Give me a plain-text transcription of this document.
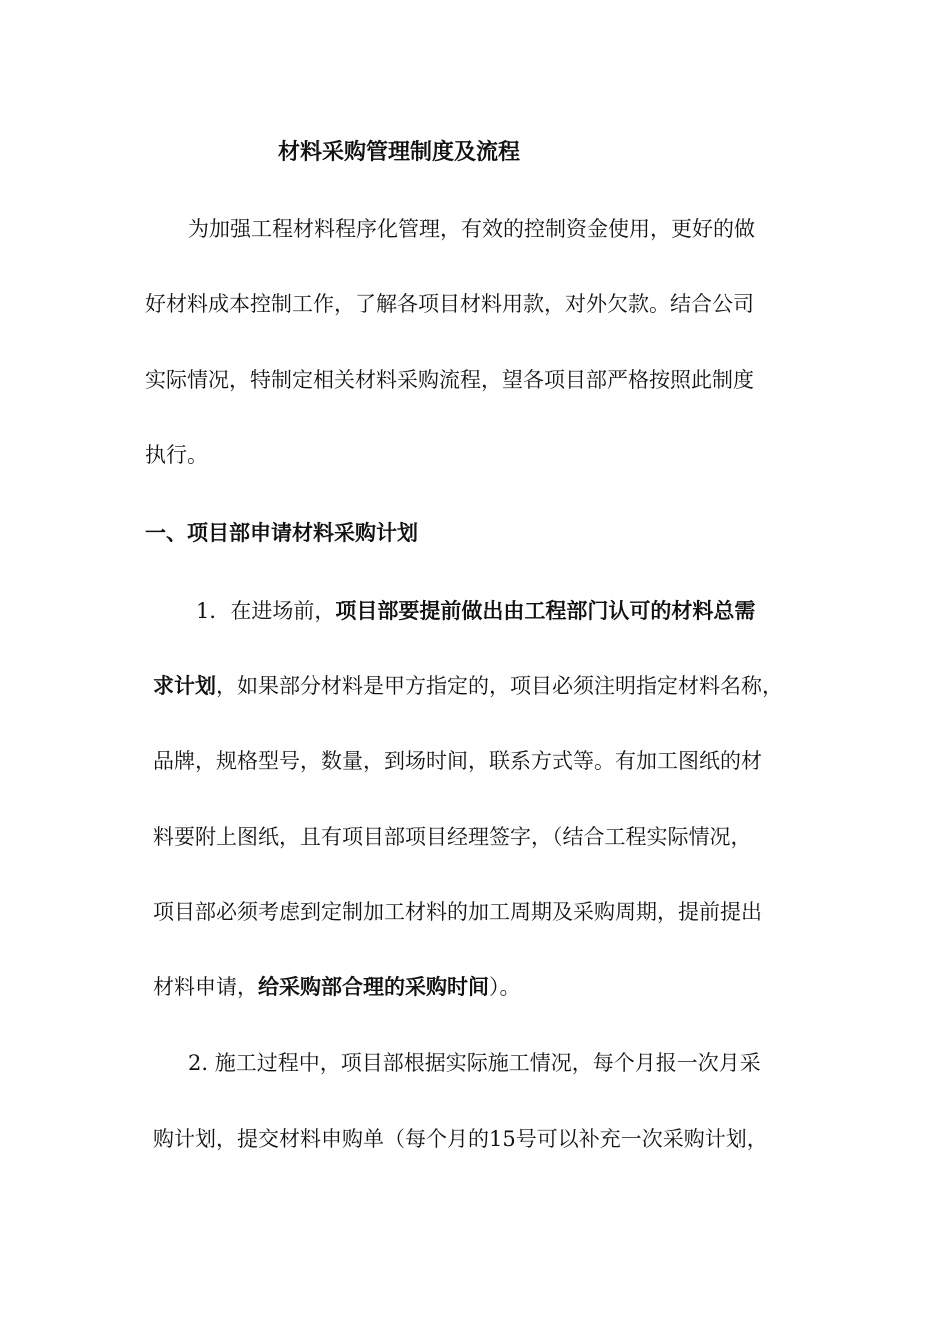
材料采购管理制度及流程
为加强工程材料程序化管理，有效的控制资金使用，更好的做
好材料成本控制工作，了解各项目材料用款，对外欠款。结合公司
实际情况，特制定相关材料采购流程，望各项目部严格按照此制度
执行。
一、项目部申请材料采购计划
1．在进场前，项目部要提前做出由工程部门认可的材料总需
求计划，如果部分材料是甲方指定的，项目必须注明指定材料名称，
品牌，规格型号，数量，到场时间，联系方式等。有加工图纸的材
料要附上图纸，且有项目部项目经理签字，（结合工程实际情况，
项目部必须考虑到定制加工材料的加工周期及采购周期，提前提出
材料申请，给采购部合理的采购时间）。
2. 施工过程中，项目部根据实际施工情况，每个月报一次月采
购计划，提交材料申购单（每个月的15号可以补充一次采购计划，
